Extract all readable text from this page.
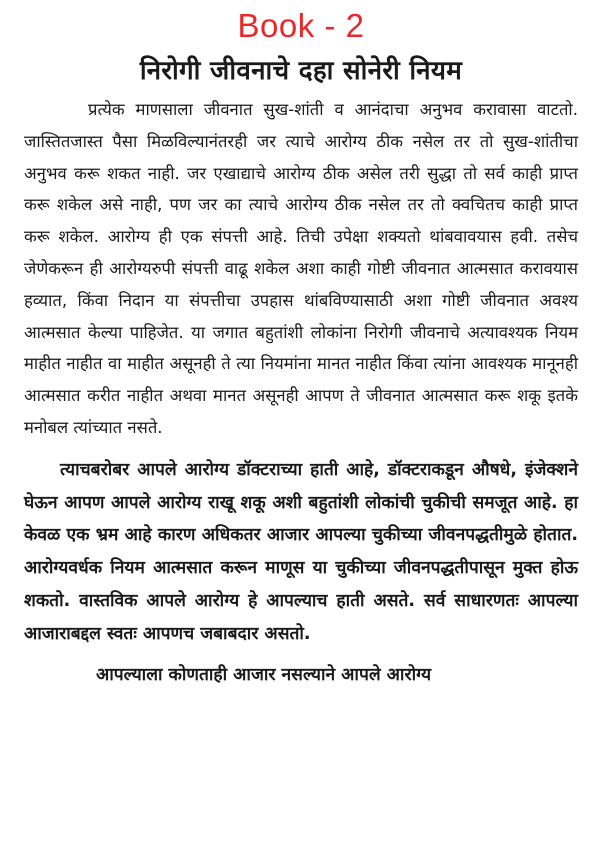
Book - 2
निरोगी जीवनाचे दहा सोनेरी नियम

प्रत्येक माणसाला जीवनात सुख-शांती व आनंदाचा अनुभव करावासा वाटतो. जास्तितजास्त पैसा मिळविल्यानंतरही जर त्याचे आरोग्य ठीक नसेल तर तो सुख-शांतीचा अनुभव करू शकत नाही. जर एखाद्याचे आरोग्य ठीक असेल तरी सुद्धा तो सर्व काही प्राप्त करू शकेल असे नाही, पण जर का त्याचे आरोग्य ठीक नसेल तर तो क्वचितच काही प्राप्त करू शकेल. आरोग्य ही एक संपत्ती आहे. तिची उपेक्षा शक्यतो थांबवावयास हवी. तसेच जेणेकरून ही आरोग्यरुपी संपत्ती वाढू शकेल अशा काही गोष्टी जीवनात आत्मसात करावयास हव्यात, किंवा निदान या संपत्तीचा उपहास थांबविण्यासाठी अशा गोष्टी जीवनात अवश्य आत्मसात केल्या पाहिजेत. या जगात बहुतांशी लोकांना निरोगी जीवनाचे अत्यावश्यक नियम माहीत नाहीत वा माहीत असूनही ते त्या नियमांना मानत नाहीत किंवा त्यांना आवश्यक मानूनही आत्मसात करीत नाहीत अथवा मानत असूनही आपण ते जीवनात आत्मसात करू शकू इतके मनोबल त्यांच्यात नसते.

त्याचबरोबर आपले आरोग्य डॉक्टराच्या हाती आहे, डॉक्टराकडून औषधे, इंजेक्शने घेऊन आपण आपले आरोग्य राखू शकू अशी बहुतांशी लोकांची चुकीची समजूत आहे. हा केवळ एक भ्रम आहे कारण अधिकतर आजार आपल्या चुकीच्या जीवनपद्धतीमुळे होतात. आरोग्यवर्धक नियम आत्मसात करून माणूस या चुकीच्या जीवनपद्धतीपासून मुक्त होऊ शकतो. वास्तविक आपले आरोग्य हे आपल्याच हाती असते. सर्व साधारणतः आपल्या आजाराबद्दल स्वतः आपणच जबाबदार असतो.

आपल्याला कोणताही आजार नसल्याने आपले आरोग्य
